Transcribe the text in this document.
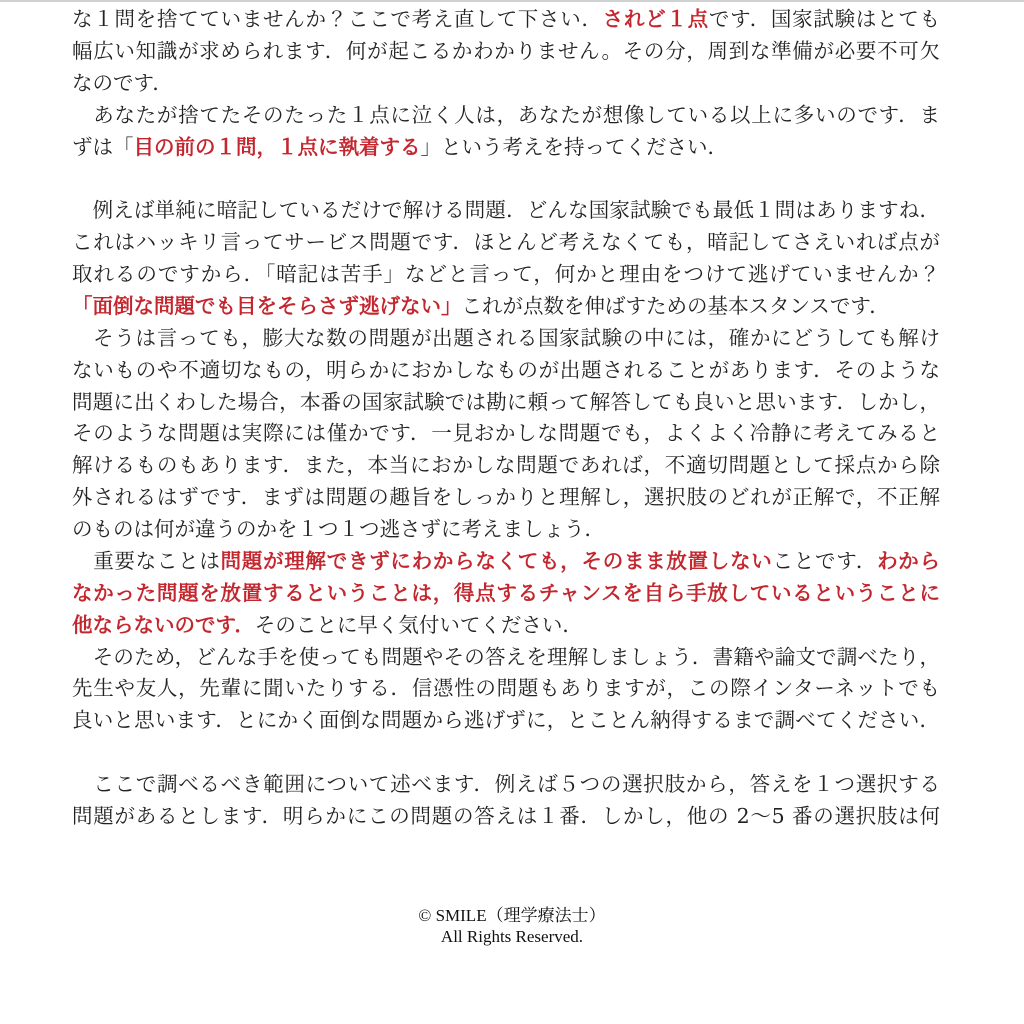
な１問を捨てていませんか？ここで考え直して下さい．されど１点です．国家試験はとても
幅広い知識が求められます．何が起こるかわかりません。その分，周到な準備が必要不可欠
なのです．
　あなたが捨てたそのたった１点に泣く人は，あなたが想像している以上に多いのです．ま
ずは「目の前の１問，１点に執着する」という考えを持ってください．
　例えば単純に暗記しているだけで解ける問題．どんな国家試験でも最低１問はありますね．
これはハッキリ言ってサービス問題です．ほとんど考えなくても，暗記してさえいれば点が
取れるのですから．「暗記は苦手」などと言って，何かと理由をつけて逃げていませんか？
「面倒な問題でも目をそらさず逃げない」これが点数を伸ばすための基本スタンスです．
　そうは言っても，膨大な数の問題が出題される国家試験の中には，確かにどうしても解け
ないものや不適切なもの，明らかにおかしなものが出題されることがあります．そのような
問題に出くわした場合，本番の国家試験では勘に頼って解答しても良いと思います．しかし，
そのような問題は実際には僅かです．一見おかしな問題でも，よくよく冷静に考えてみると
解けるものもあります．また，本当におかしな問題であれば，不適切問題として採点から除
外されるはずです．まずは問題の趣旨をしっかりと理解し，選択肢のどれが正解で，不正解
のものは何が違うのかを１つ１つ逃さずに考えましょう．
　重要なことは問題が理解できずにわからなくても，そのまま放置しないことです．わから
なかった問題を放置するということは，得点するチャンスを自ら手放しているということに
他ならないのです．そのことに早く気付いてください．
　そのため，どんな手を使っても問題やその答えを理解しましょう．書籍や論文で調べたり，
先生や友人，先輩に聞いたりする．信憑性の問題もありますが，この際インターネットでも
良いと思います．とにかく面倒な問題から逃げずに，とことん納得するまで調べてください．
　ここで調べるべき範囲について述べます．例えば５つの選択肢から，答えを１つ選択する
問題があるとします．明らかにこの問題の答えは１番．しかし，他の 2～5 番の選択肢は何
© SMILE（理学療法士）
All Rights Reserved.
